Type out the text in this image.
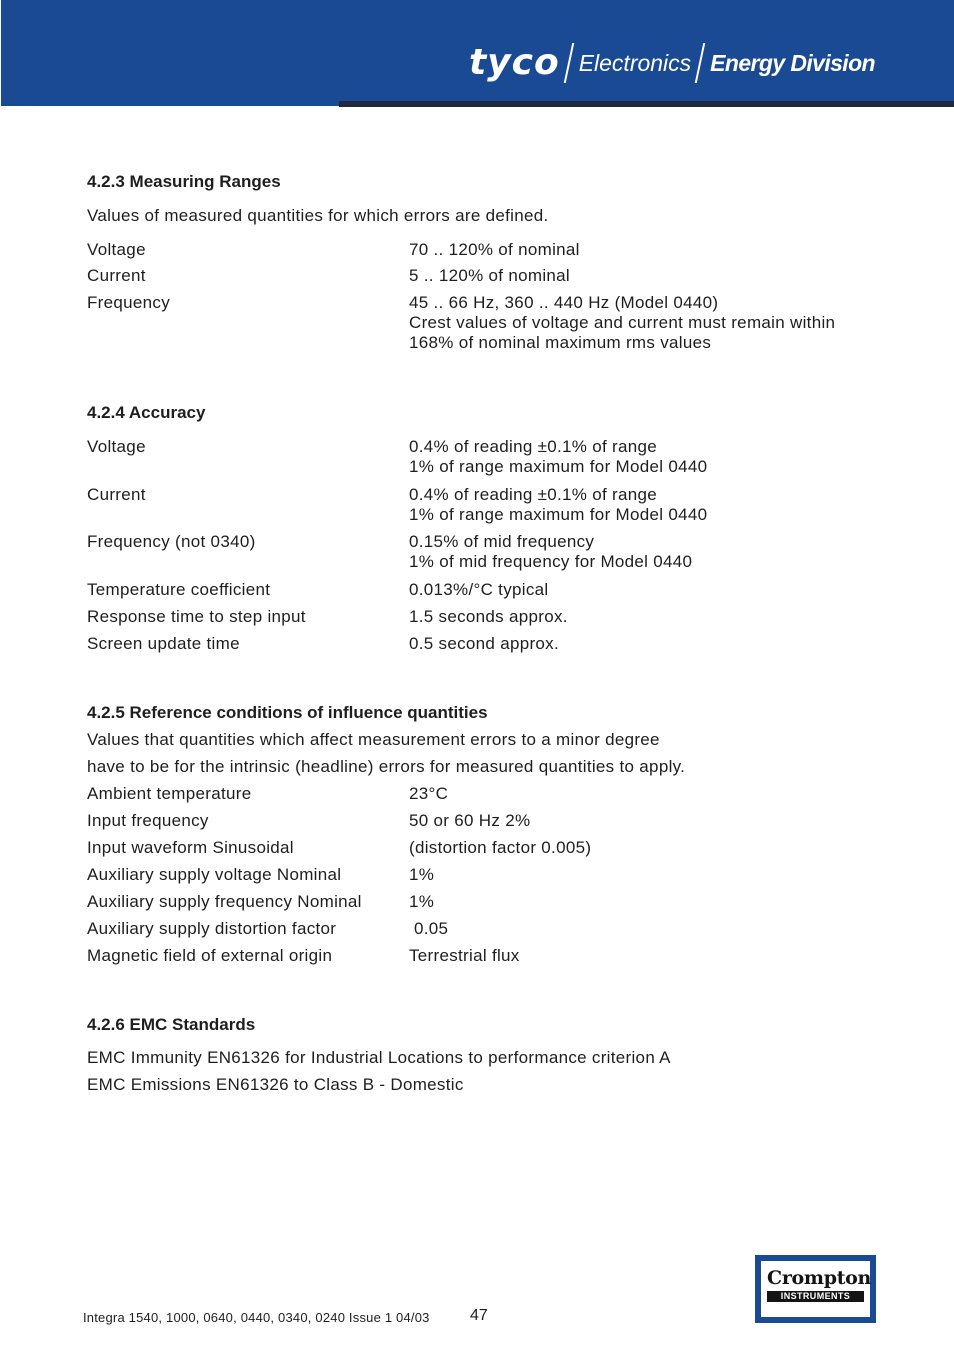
tyco Electronics Energy Division
4.2.3 Measuring Ranges
Values of measured quantities for which errors are defined.
Voltage	70 .. 120% of nominal
Current	5 .. 120% of nominal
Frequency	45 .. 66 Hz, 360 .. 440 Hz (Model 0440)
Crest values of voltage and current must remain within
168% of nominal maximum rms values
4.2.4 Accuracy
Voltage	0.4% of reading ±0.1% of range
1% of range maximum for Model 0440
Current	0.4% of reading ±0.1% of range
1% of range maximum for Model 0440
Frequency (not 0340)	0.15% of mid frequency
1% of mid frequency for Model 0440
Temperature coefficient	0.013%/°C typical
Response time to step input	1.5 seconds approx.
Screen update time	0.5 second approx.
4.2.5 Reference conditions of influence quantities
Values that quantities which affect measurement errors to a minor degree
have to be for the intrinsic (headline) errors for measured quantities to apply.
Ambient temperature	23°C
Input frequency	50 or 60 Hz 2%
Input waveform Sinusoidal	(distortion factor 0.005)
Auxiliary supply voltage Nominal	1%
Auxiliary supply frequency Nominal	1%
Auxiliary supply distortion factor	0.05
Magnetic field of external origin	Terrestrial flux
4.2.6 EMC Standards
EMC Immunity EN61326 for Industrial Locations to performance criterion A
EMC Emissions EN61326 to Class B - Domestic
Integra 1540, 1000, 0640, 0440, 0340, 0240 Issue 1 04/03	47
Crompton
INSTRUMENTS
